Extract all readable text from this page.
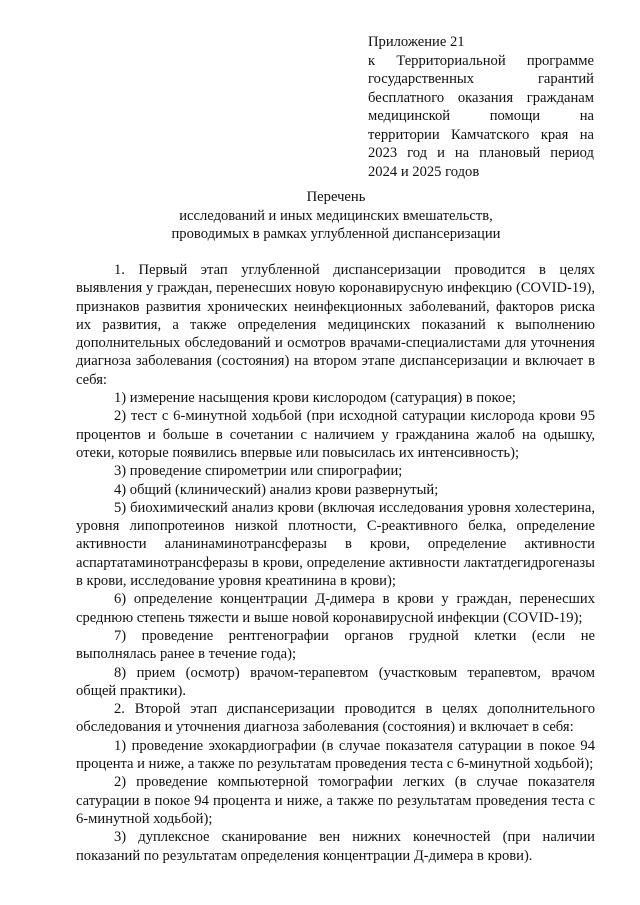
Приложение 21
к Территориальной программе государственных гарантий бесплатного оказания гражданам медицинской помощи на территории Камчатского края на 2023 год и на плановый период 2024 и 2025 годов
Перечень
исследований и иных медицинских вмешательств,
проводимых в рамках углубленной диспансеризации

1. Первый этап углубленной диспансеризации проводится в целях выявления у граждан, перенесших новую коронавирусную инфекцию (COVID-19), признаков развития хронических неинфекционных заболеваний, факторов риска их развития, а также определения медицинских показаний к выполнению дополнительных обследований и осмотров врачами-специалистами для уточнения диагноза заболевания (состояния) на втором этапе диспансеризации и включает в себя:

1) измерение насыщения крови кислородом (сатурация) в покое;

2) тест с 6-минутной ходьбой (при исходной сатурации кислорода крови 95 процентов и больше в сочетании с наличием у гражданина жалоб на одышку, отеки, которые появились впервые или повысилась их интенсивность);

3) проведение спирометрии или спирографии;

4) общий (клинический) анализ крови развернутый;

5) биохимический анализ крови (включая исследования уровня холестерина, уровня липопротеинов низкой плотности, С-реактивного белка, определение активности аланинаминотрансферазы в крови, определение активности аспартатаминотрансферазы в крови, определение активности лактатдегидрогеназы в крови, исследование уровня креатинина в крови);

6) определение концентрации Д-димера в крови у граждан, перенесших среднюю степень тяжести и выше новой коронавирусной инфекции (COVID-19);

7) проведение рентгенографии органов грудной клетки (если не выполнялась ранее в течение года);

8) прием (осмотр) врачом-терапевтом (участковым терапевтом, врачом общей практики).

2. Второй этап диспансеризации проводится в целях дополнительного обследования и уточнения диагноза заболевания (состояния) и включает в себя:

1) проведение эхокардиографии (в случае показателя сатурации в покое 94 процента и ниже, а также по результатам проведения теста с 6-минутной ходьбой);

2) проведение компьютерной томографии легких (в случае показателя сатурации в покое 94 процента и ниже, а также по результатам проведения теста с 6-минутной ходьбой);

3) дуплексное сканирование вен нижних конечностей (при наличии показаний по результатам определения концентрации Д-димера в крови).
